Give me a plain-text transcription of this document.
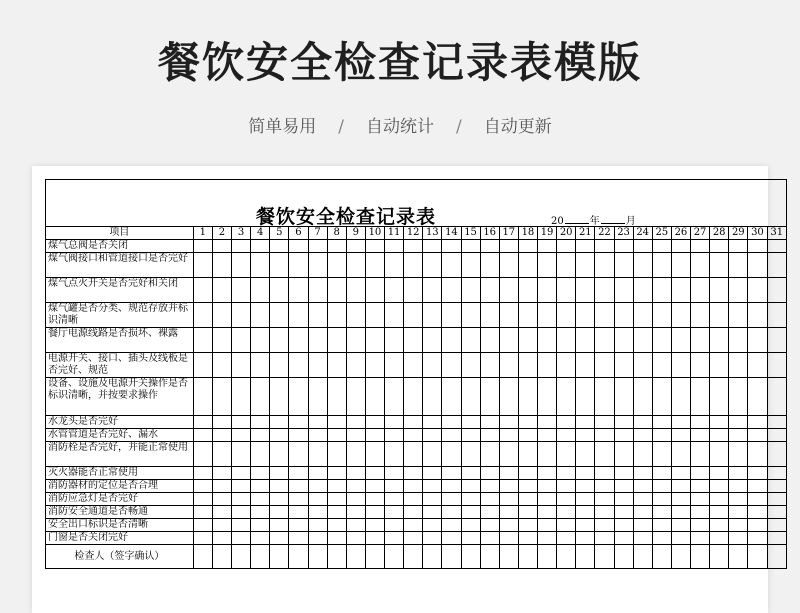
餐饮安全检查记录表模版
简单易用 / 自动统计 / 自动更新
餐饮安全检查记录表 20 年 月																															

项目	1	2	3	4	5	6	7	8	9	10	11	12	13	14	15	16	17	18	19	20	21	22	23	24	25	26	27	28	29	30	31
煤气总阀是否关闭																															
煤气阀接口和管道接口是否完好																															
煤气点火开关是否完好和关闭																															
煤气罐是否分类、规范存放并标识清晰																															
餐厅电源线路是否损坏、裸露																															
电源开关、接口、插头及线板是否完好、规范																															
设备、设施及电源开关操作是否标识清晰，并按要求操作																															
水龙头是否完好																															
水管管道是否完好、漏水																															
消防栓是否完好，并能正常使用																															
灭火器能否正常使用																															
消防器材的定位是否合理																															
消防应急灯是否完好																															
消防安全通道是否畅通																															
安全出口标识是否清晰																															
门窗是否关闭完好																															
检查人（签字确认）																															
